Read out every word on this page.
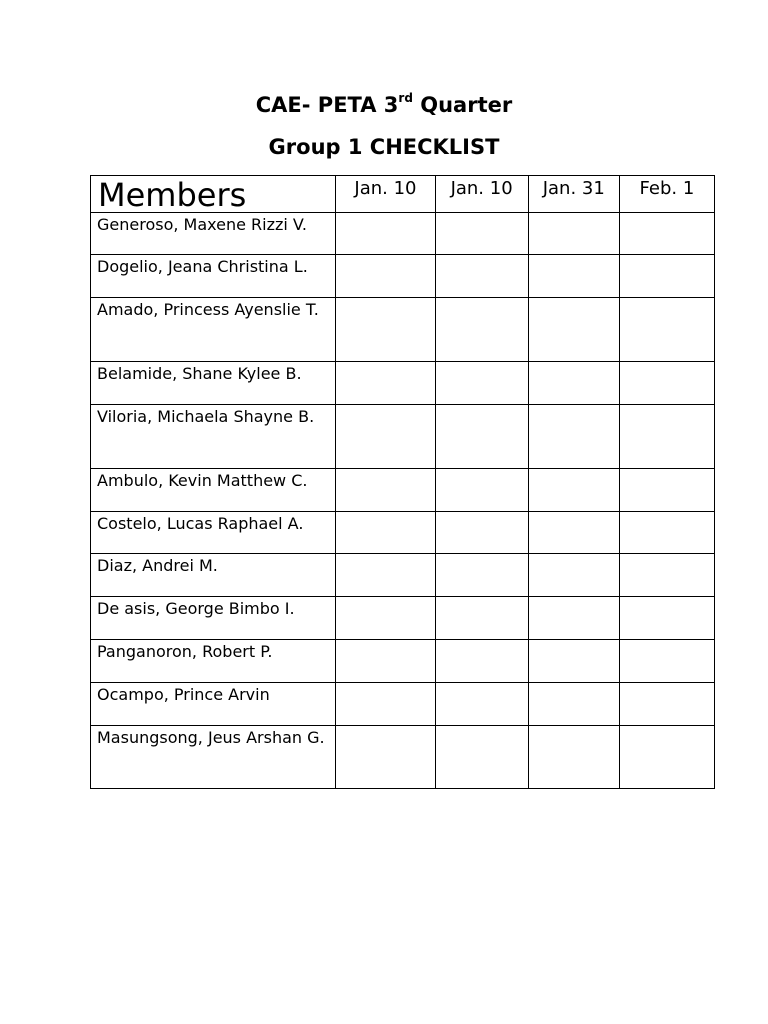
CAE- PETA 3rd Quarter
Group 1 CHECKLIST
Members	Jan. 10	Jan. 10	Jan. 31	Feb. 1
Generoso, Maxene Rizzi V.				
Dogelio, Jeana Christina L.				
Amado, Princess Ayenslie T.				
Belamide, Shane Kylee B.				
Viloria, Michaela Shayne B.				
Ambulo, Kevin Matthew C.				
Costelo, Lucas Raphael A.				
Diaz, Andrei M.				
De asis, George Bimbo I.				
Panganoron, Robert P.				
Ocampo, Prince Arvin				
Masungsong, Jeus Arshan G.				
